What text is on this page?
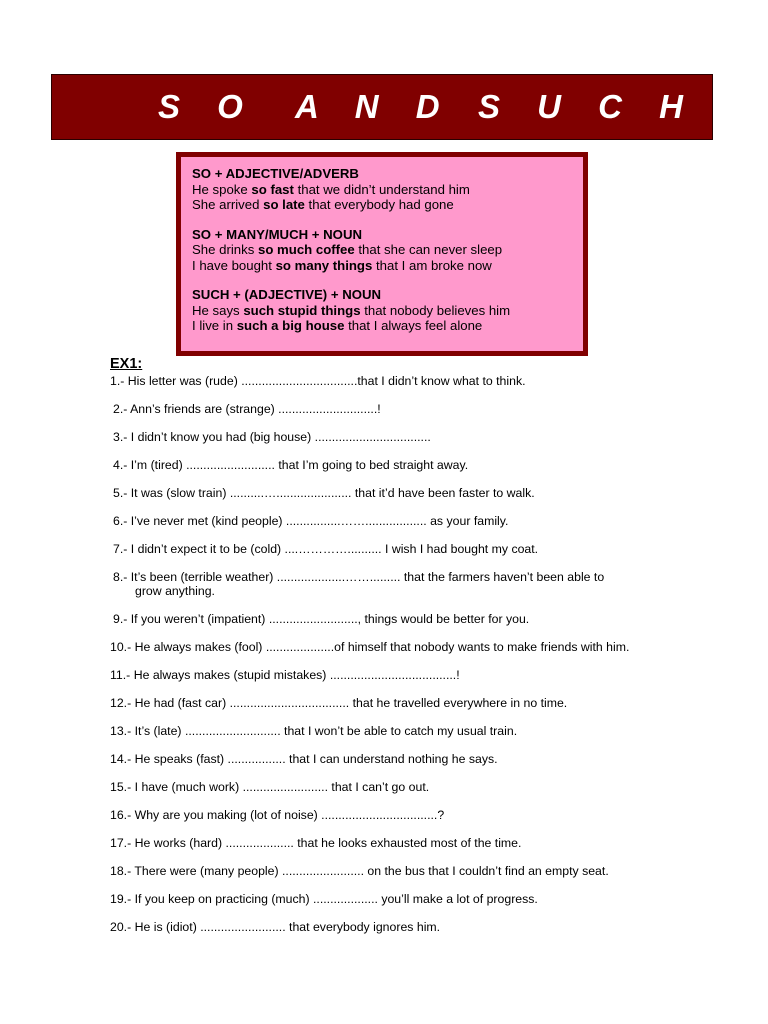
S O A N D S U C H
SO + ADJECTIVE/ADVERB
He spoke so fast that we didn’t understand him
She arrived so late that everybody had gone
SO + MANY/MUCH + NOUN
She drinks so much coffee that she can never sleep
I have bought so many things that I am broke now
SUCH + (ADJECTIVE) + NOUN
He says such stupid things that nobody believes him
I live in such a big house that I always feel alone
EX1:
1.- His letter was (rude) ..................................that I didn’t know what to think.
2.- Ann’s friends are (strange) .............................!
3.- I didn’t know you had (big house) ..................................
4.- I’m (tired) .......................... that I’m going to bed straight away.
5.- It was (slow train) ..........…...................... that it’d have been faster to walk.
6.- I’ve never met (kind people) ................…….................. as your family.
7.- I didn’t expect it to be (cold) ....………….......... I wish I had bought my coat.
8.- It’s been (terrible weather) ....................……......... that the farmers haven’t been able to
grow anything.
9.- If you weren’t (impatient) .........................., things would be better for you.
10.- He always makes (fool) ....................of himself that nobody wants to make friends with him.
11.- He always makes (stupid mistakes) .....................................!
12.- He had (fast car) ................................... that he travelled everywhere in no time.
13.- It’s (late) ............................ that I won’t be able to catch my usual train.
14.- He speaks (fast) ................. that I can understand nothing he says.
15.- I have (much work) ......................... that I can’t go out.
16.- Why are you making (lot of noise) ..................................?
17.- He works (hard) .................... that he looks exhausted most of the time.
18.- There were (many people) ........................ on the bus that I couldn’t find an empty seat.
19.- If you keep on practicing (much) ................... you’ll make a lot of progress.
20.- He is (idiot) ......................... that everybody ignores him.
